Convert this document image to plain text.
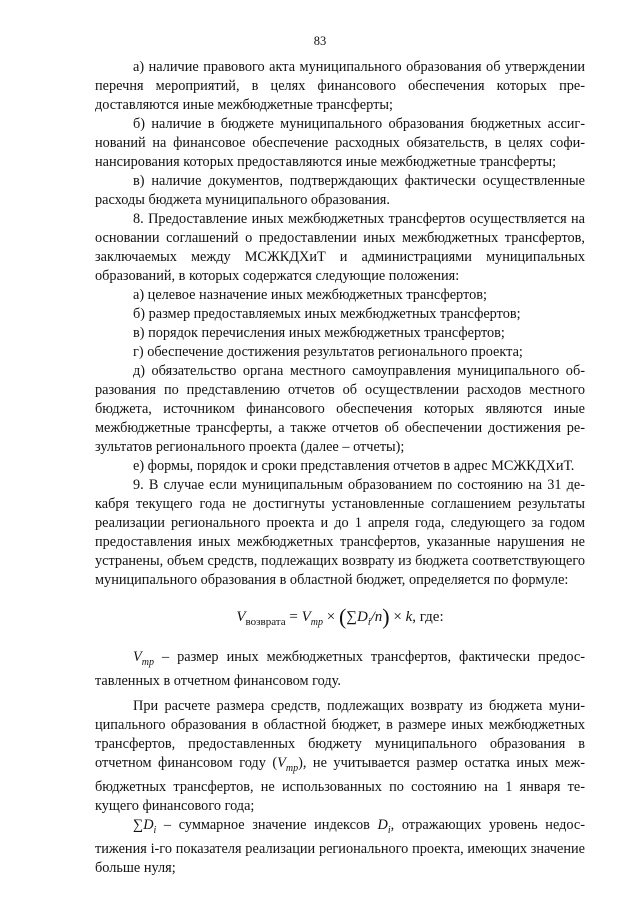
83

а) наличие правового акта муниципального образования об утверждении перечня мероприятий, в целях финансового обеспечения которых предоставляются иные межбюджетные трансферты;

б) наличие в бюджете муниципального образования бюджетных ассигнований на финансовое обеспечение расходных обязательств, в целях софинансирования которых предоставляются иные межбюджетные трансферты;

в) наличие документов, подтверждающих фактически осуществленные расходы бюджета муниципального образования.

8. Предоставление иных межбюджетных трансфертов осуществляется на основании соглашений о предоставлении иных межбюджетных трансфертов, заключаемых между МСЖКДХиТ и администрациями муниципальных образований, в которых содержатся следующие положения:

а) целевое назначение иных межбюджетных трансфертов;

б) размер предоставляемых иных межбюджетных трансфертов;

в) порядок перечисления иных межбюджетных трансфертов;

г) обеспечение достижения результатов регионального проекта;

д) обязательство органа местного самоуправления муниципального образования по представлению отчетов об осуществлении расходов местного бюджета, источником финансового обеспечения которых являются иные межбюджетные трансферты, а также отчетов об обеспечении достижения результатов регионального проекта (далее – отчеты);

е) формы, порядок и сроки представления отчетов в адрес МСЖКДХиТ.

9. В случае если муниципальным образованием по состоянию на 31 декабря текущего года не достигнуты установленные соглашением результаты реализации регионального проекта и до 1 апреля года, следующего за годом предоставления иных межбюджетных трансфертов, указанные нарушения не устранены, объем средств, подлежащих возврату из бюджета соответствующего муниципального образования в областной бюджет, определяется по формуле:

$V_{возврата} = V_{тр} \times (\sum D_i/n) \times k$, где:

$V_{тр}$ – размер иных межбюджетных трансфертов, фактически предоставленных в отчетном финансовом году.

При расчете размера средств, подлежащих возврату из бюджета муниципального образования в областной бюджет, в размере иных межбюджетных трансфертов, предоставленных бюджету муниципального образования в отчетном финансовом году $(V_{тр})$, не учитывается размер остатка иных межбюджетных трансфертов, не использованных по состоянию на 1 января текущего финансового года;

$\sum D_i$ – суммарное значение индексов $D_i$, отражающих уровень недостижения i-го показателя реализации регионального проекта, имеющих значение больше нуля;
